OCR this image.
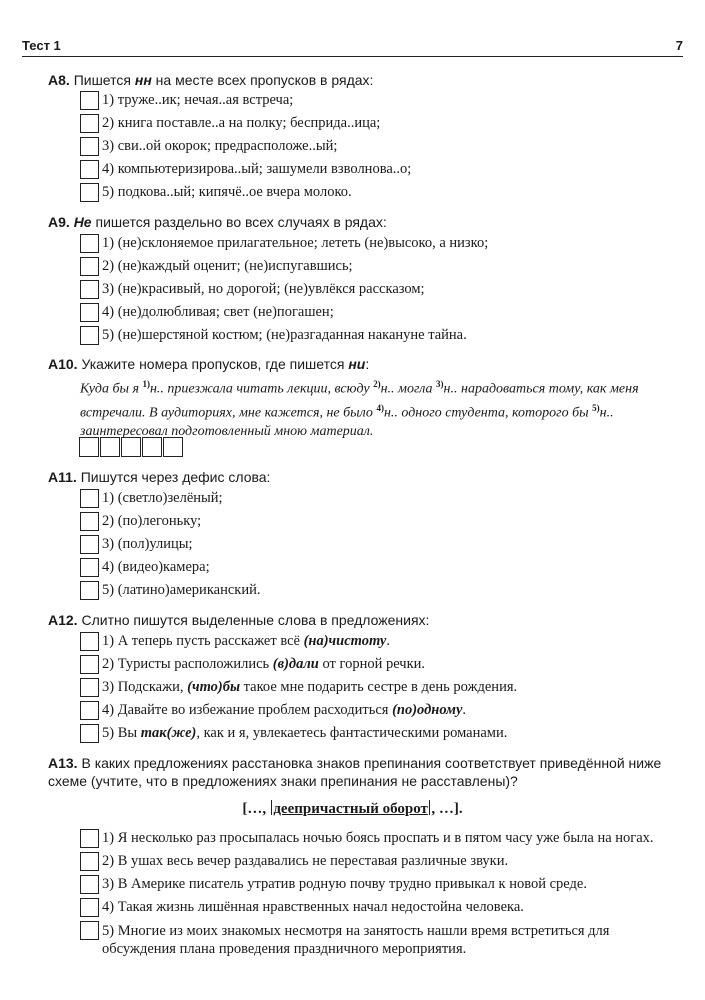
Тест 1	7
А8. Пишется нн на месте всех пропусков в рядах:
1) труже..ик; нечая..ая встреча;
2) книга поставле..а на полку; бесприда..ица;
3) сви..ой окорок; предрасположе..ый;
4) компьютеризирова..ый; зашумели взволнова..о;
5) подкова..ый; кипячё..ое вчера молоко.
А9. Не пишется раздельно во всех случаях в рядах:
1) (не)склоняемое прилагательное; лететь (не)высоко, а низко;
2) (не)каждый оценит; (не)испугавшись;
3) (не)красивый, но дорогой; (не)увлёкся рассказом;
4) (не)долюбливая; свет (не)погашен;
5) (не)шерстяной костюм; (не)разгаданная накануне тайна.
А10. Укажите номера пропусков, где пишется ни:
Куда бы я $^{1)}$н.. приезжала читать лекции, всюду $^{2)}$н.. могла $^{3)}$н.. нарадоваться тому, как меня встречали. В аудиториях, мне кажется, не было $^{4)}$н.. одного студента, которого бы $^{5)}$н.. заинтересовал подготовленный мною материал.
А11. Пишутся через дефис слова:
1) (светло)зелёный;
2) (по)легоньку;
3) (пол)улицы;
4) (видео)камера;
5) (латино)американский.
А12. Слитно пишутся выделенные слова в предложениях:
1) А теперь пусть расскажет всё (на)чистоту.
2) Туристы расположились (в)дали от горной речки.
3) Подскажи, (что)бы такое мне подарить сестре в день рождения.
4) Давайте во избежание проблем расходиться (по)одному.
5) Вы так(же), как и я, увлекаетесь фантастическими романами.
А13. В каких предложениях расстановка знаков препинания соответствует приведённой ниже схеме (учтите, что в предложениях знаки препинания не расставлены)?
[…, деепричастный оборот , …].
1) Я несколько раз просыпалась ночью боясь проспать и в пятом часу уже была на ногах.
2) В ушах весь вечер раздавались не переставая различные звуки.
3) В Америке писатель утратив родную почву трудно привыкал к новой среде.
4) Такая жизнь лишённая нравственных начал недостойна человека.
5) Многие из моих знакомых несмотря на занятость нашли время встретиться для обсуждения плана проведения праздничного мероприятия.
